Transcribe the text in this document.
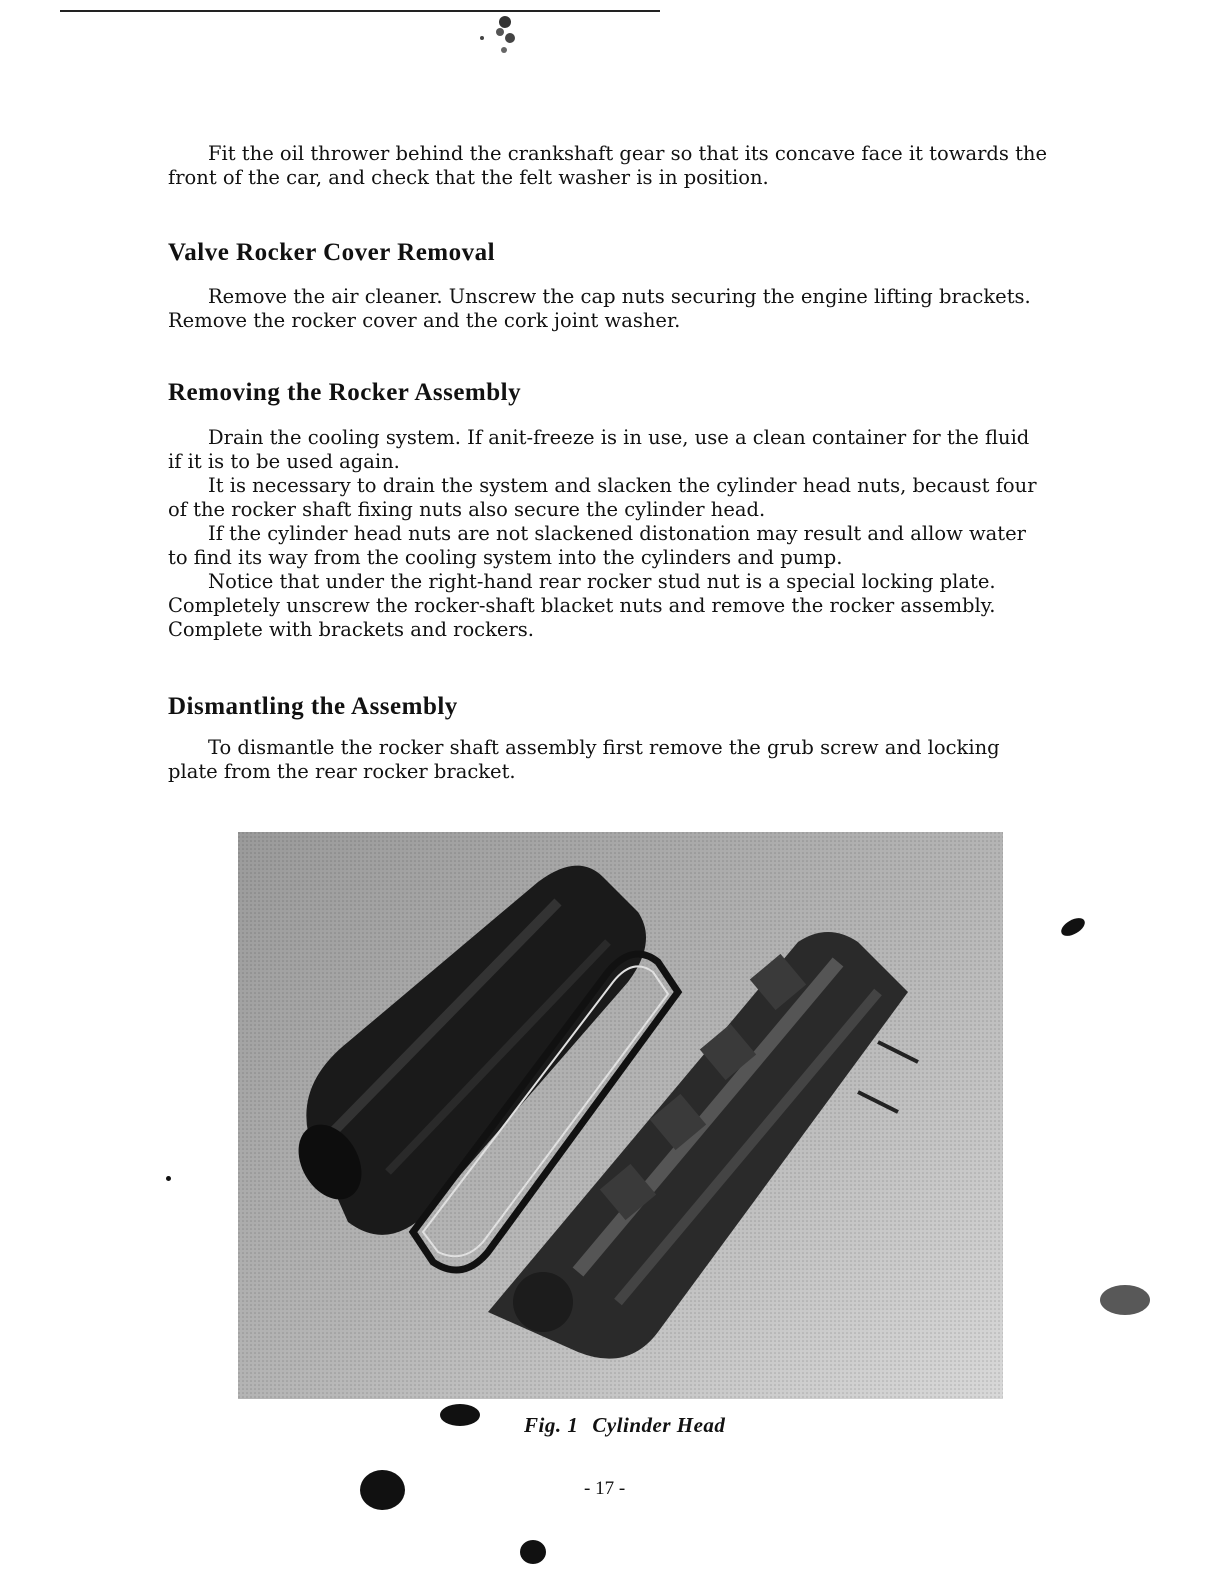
Fit the oil thrower behind the crankshaft gear so that its concave face it towards the front of the car, and check that the felt washer is in position.

Valve Rocker Cover Removal

Remove the air cleaner. Unscrew the cap nuts securing the engine lifting brackets. Remove the rocker cover and the cork joint washer.

Removing the Rocker Assembly

Drain the cooling system. If anit-freeze is in use, use a clean container for the fluid if it is to be used again.

It is necessary to drain the system and slacken the cylinder head nuts, becaust four of the rocker shaft fixing nuts also secure the cylinder head.

If the cylinder head nuts are not slackened distonation may result and allow water to find its way from the cooling system into the cylinders and pump.

Notice that under the right-hand rear rocker stud nut is a special locking plate. Completely unscrew the rocker-shaft blacket nuts and remove the rocker assembly. Complete with brackets and rockers.

Dismantling the Assembly

To dismantle the rocker shaft assembly first remove the grub screw and locking plate from the rear rocker bracket.

Fig. 1 Cylinder Head
- 17 -
